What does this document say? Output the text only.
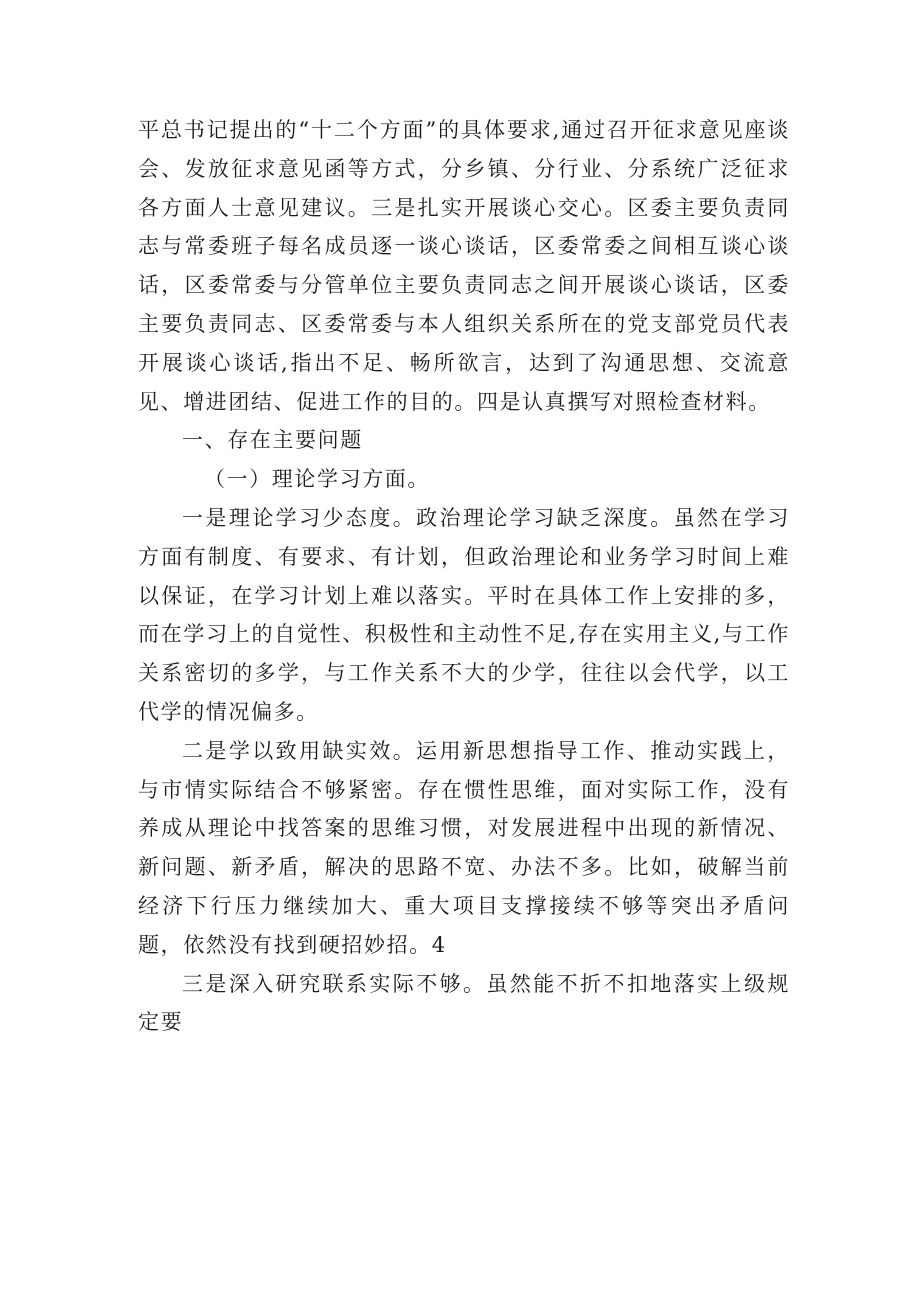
平总书记提出的“十二个方面”的具体要求,通过召开征求意见座谈会、发放征求意见函等方式，分乡镇、分行业、分系统广泛征求各方面人士意见建议。三是扎实开展谈心交心。区委主要负责同志与常委班子每名成员逐一谈心谈话，区委常委之间相互谈心谈话，区委常委与分管单位主要负责同志之间开展谈心谈话，区委主要负责同志、区委常委与本人组织关系所在的党支部党员代表开展谈心谈话,指出不足、畅所欲言，达到了沟通思想、交流意见、增进团结、促进工作的目的。四是认真撰写对照检查材料。

一、存在主要问题

（一）理论学习方面。

一是理论学习少态度。政治理论学习缺乏深度。虽然在学习方面有制度、有要求、有计划，但政治理论和业务学习时间上难以保证，在学习计划上难以落实。平时在具体工作上安排的多，而在学习上的自觉性、积极性和主动性不足,存在实用主义,与工作关系密切的多学，与工作关系不大的少学，往往以会代学，以工代学的情况偏多。

二是学以致用缺实效。运用新思想指导工作、推动实践上，与市情实际结合不够紧密。存在惯性思维，面对实际工作，没有养成从理论中找答案的思维习惯，对发展进程中出现的新情况、新问题、新矛盾，解决的思路不宽、办法不多。比如，破解当前经济下行压力继续加大、重大项目支撑接续不够等突出矛盾问题，依然没有找到硬招妙招。4

三是深入研究联系实际不够。虽然能不折不扣地落实上级规定要
